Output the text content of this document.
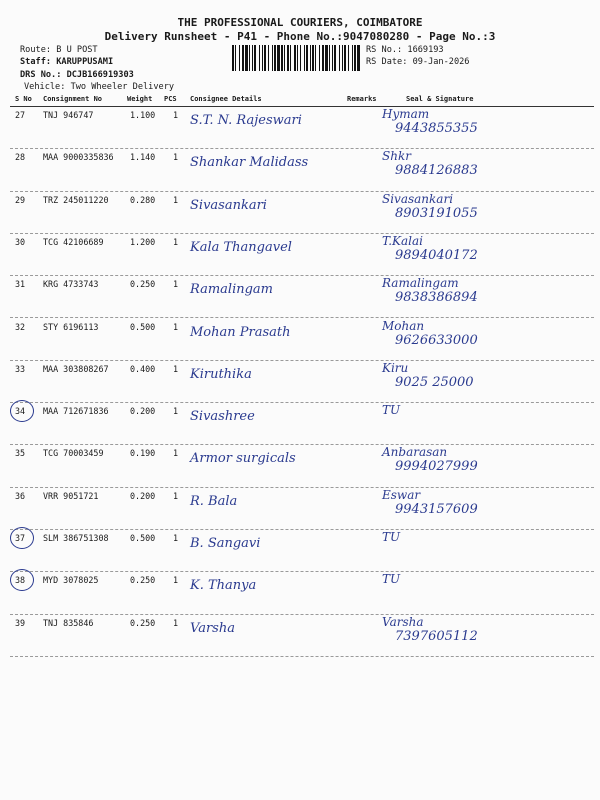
THE PROFESSIONAL COURIERS, COIMBATORE
Delivery Runsheet - P41 - Phone No.:9047080280 - Page No.:3
Route: B U POST
Staff: KARUPPUSAMI
DRS No.: DCJB166919303
Vehicle: Two Wheeler Delivery
RS No.: 1669193
RS Date: 09-Jan-2026
S No Consignment No	Weight PCS Consignee Details	Remarks	Seal & Signature
27 TNJ 946747	1.100 1 S.T. N. Rajeswari	Hymam
9443855355
28 MAA 9000335836 1.140 1 Shankar Malidass	Shkr
9884126883
29 TRZ 245011220	0.280 1 Sivasankari	Sivasankari
8903191055
30 TCG 42106689	1.200 1 Kala Thangavel	T.Kalai
9894040172
31 KRG 4733743	0.250 1 Ramalingam	Ramalingam
9838386894
32 STY 6196113	0.500 1 Mohan Prasath	Mohan
9626633000
33 MAA 303808267	0.400 1 Kiruthika	Kiru
9025 25000
34 MAA 712671836	0.200 1 Sivashree	TU
35 TCG 70003459	0.190 1 Armor surgicals	Anbarasan
9994027999
36 VRR 9051721	0.200 1 R. Bala	Eswar
9943157609
37 SLM 386751308	0.500 1 B. Sangavi	TU
38 MYD 3078025	0.250 1 K. Thanya	TU
39 TNJ 835846	0.250 1 Varsha	Varsha
7397605112
